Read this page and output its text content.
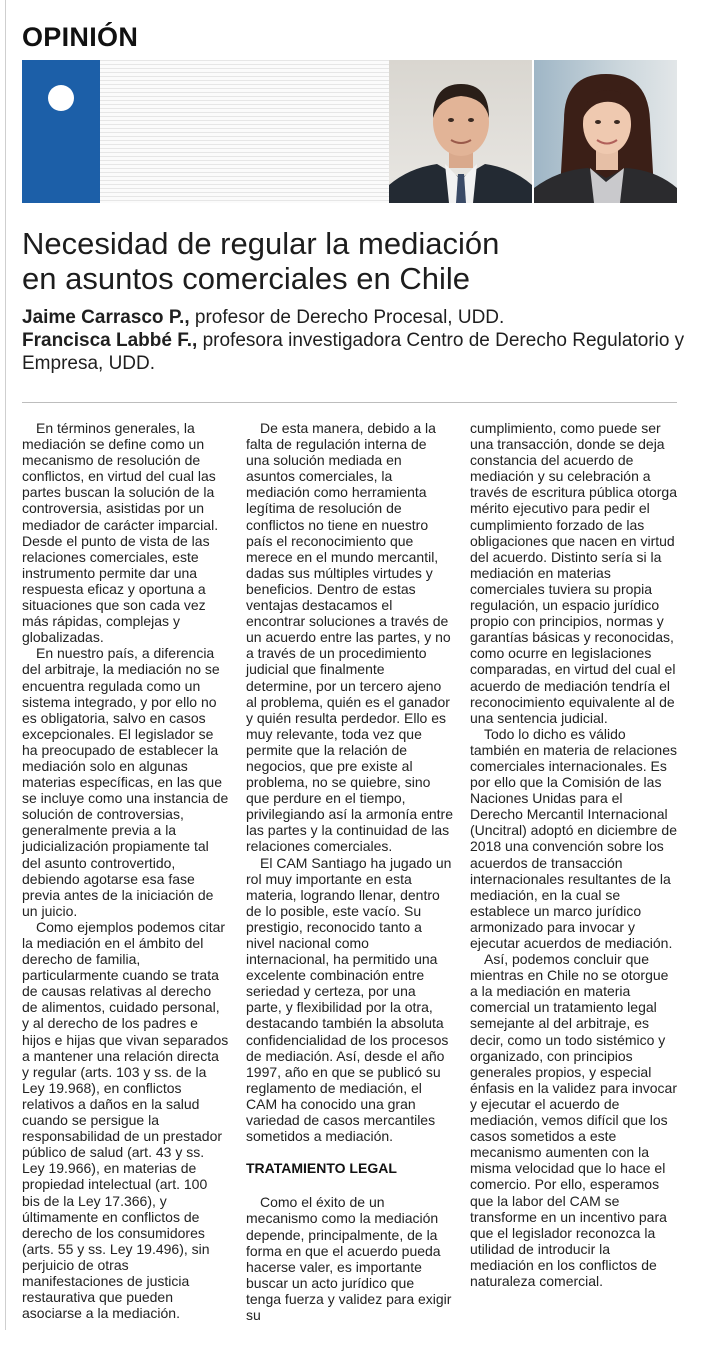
OPINIÓN
Necesidad de regular la mediación
en asuntos comerciales en Chile
Jaime Carrasco P., profesor de Derecho Procesal, UDD.
Francisca Labbé F., profesora investigadora Centro de Derecho Regulatorio y Empresa, UDD.

En términos generales, la mediación se define como un mecanismo de resolución de conflictos, en virtud del cual las partes buscan la solución de la controversia, asistidas por un mediador de carácter imparcial. Desde el punto de vista de las relaciones comerciales, este instrumento permite dar una respuesta eficaz y oportuna a situaciones que son cada vez más rápidas, complejas y globalizadas.

En nuestro país, a diferencia del arbitraje, la mediación no se encuentra regulada como un sistema integrado, y por ello no es obligatoria, salvo en casos excepcionales. El legislador se ha preocupado de establecer la mediación solo en algunas materias específicas, en las que se incluye como una instancia de solución de controversias, generalmente previa a la judicialización propiamente tal del asunto controvertido, debiendo agotarse esa fase previa antes de la iniciación de un juicio.

Como ejemplos podemos citar la mediación en el ámbito del derecho de familia, particularmente cuando se trata de causas relativas al derecho de alimentos, cuidado personal, y al derecho de los padres e hijos e hijas que vivan separados a mantener una relación directa y regular (arts. 103 y ss. de la Ley 19.968), en conflictos relativos a daños en la salud cuando se persigue la responsabilidad de un prestador público de salud (art. 43 y ss. Ley 19.966), en materias de propiedad intelectual (art. 100 bis de la Ley 17.366), y últimamente en conflictos de derecho de los consumidores (arts. 55 y ss. Ley 19.496), sin perjuicio de otras manifestaciones de justicia restaurativa que pueden asociarse a la mediación.

De esta manera, debido a la falta de regulación interna de una solución mediada en asuntos comerciales, la mediación como herramienta legítima de resolución de conflictos no tiene en nuestro país el reconocimiento que merece en el mundo mercantil, dadas sus múltiples virtudes y beneficios. Dentro de estas ventajas destacamos el encontrar soluciones a través de un acuerdo entre las partes, y no a través de un procedimiento judicial que finalmente determine, por un tercero ajeno al problema, quién es el ganador y quién resulta perdedor. Ello es muy relevante, toda vez que permite que la relación de negocios, que pre existe al problema, no se quiebre, sino que perdure en el tiempo, privilegiando así la armonía entre las partes y la continuidad de las relaciones comerciales.

El CAM Santiago ha jugado un rol muy importante en esta materia, logrando llenar, dentro de lo posible, este vacío. Su prestigio, reconocido tanto a nivel nacional como internacional, ha permitido una excelente combinación entre seriedad y certeza, por una parte, y flexibilidad por la otra, destacando también la absoluta confidencialidad de los procesos de mediación. Así, desde el año 1997, año en que se publicó su reglamento de mediación, el CAM ha conocido una gran variedad de casos mercantiles sometidos a mediación.

TRATAMIENTO LEGAL

Como el éxito de un mecanismo como la mediación depende, principalmente, de la forma en que el acuerdo pueda hacerse valer, es importante buscar un acto jurídico que tenga fuerza y validez para exigir su

cumplimiento, como puede ser una transacción, donde se deja constancia del acuerdo de mediación y su celebración a través de escritura pública otorga mérito ejecutivo para pedir el cumplimiento forzado de las obligaciones que nacen en virtud del acuerdo. Distinto sería si la mediación en materias comerciales tuviera su propia regulación, un espacio jurídico propio con principios, normas y garantías básicas y reconocidas, como ocurre en legislaciones comparadas, en virtud del cual el acuerdo de mediación tendría el reconocimiento equivalente al de una sentencia judicial.

Todo lo dicho es válido también en materia de relaciones comerciales internacionales. Es por ello que la Comisión de las Naciones Unidas para el Derecho Mercantil Internacional (Uncitral) adoptó en diciembre de 2018 una convención sobre los acuerdos de transacción internacionales resultantes de la mediación, en la cual se establece un marco jurídico armonizado para invocar y ejecutar acuerdos de mediación.

Así, podemos concluir que mientras en Chile no se otorgue a la mediación en materia comercial un tratamiento legal semejante al del arbitraje, es decir, como un todo sistémico y organizado, con principios generales propios, y especial énfasis en la validez para invocar y ejecutar el acuerdo de mediación, vemos difícil que los casos sometidos a este mecanismo aumenten con la misma velocidad que lo hace el comercio. Por ello, esperamos que la labor del CAM se transforme en un incentivo para que el legislador reconozca la utilidad de introducir la mediación en los conflictos de naturaleza comercial.
